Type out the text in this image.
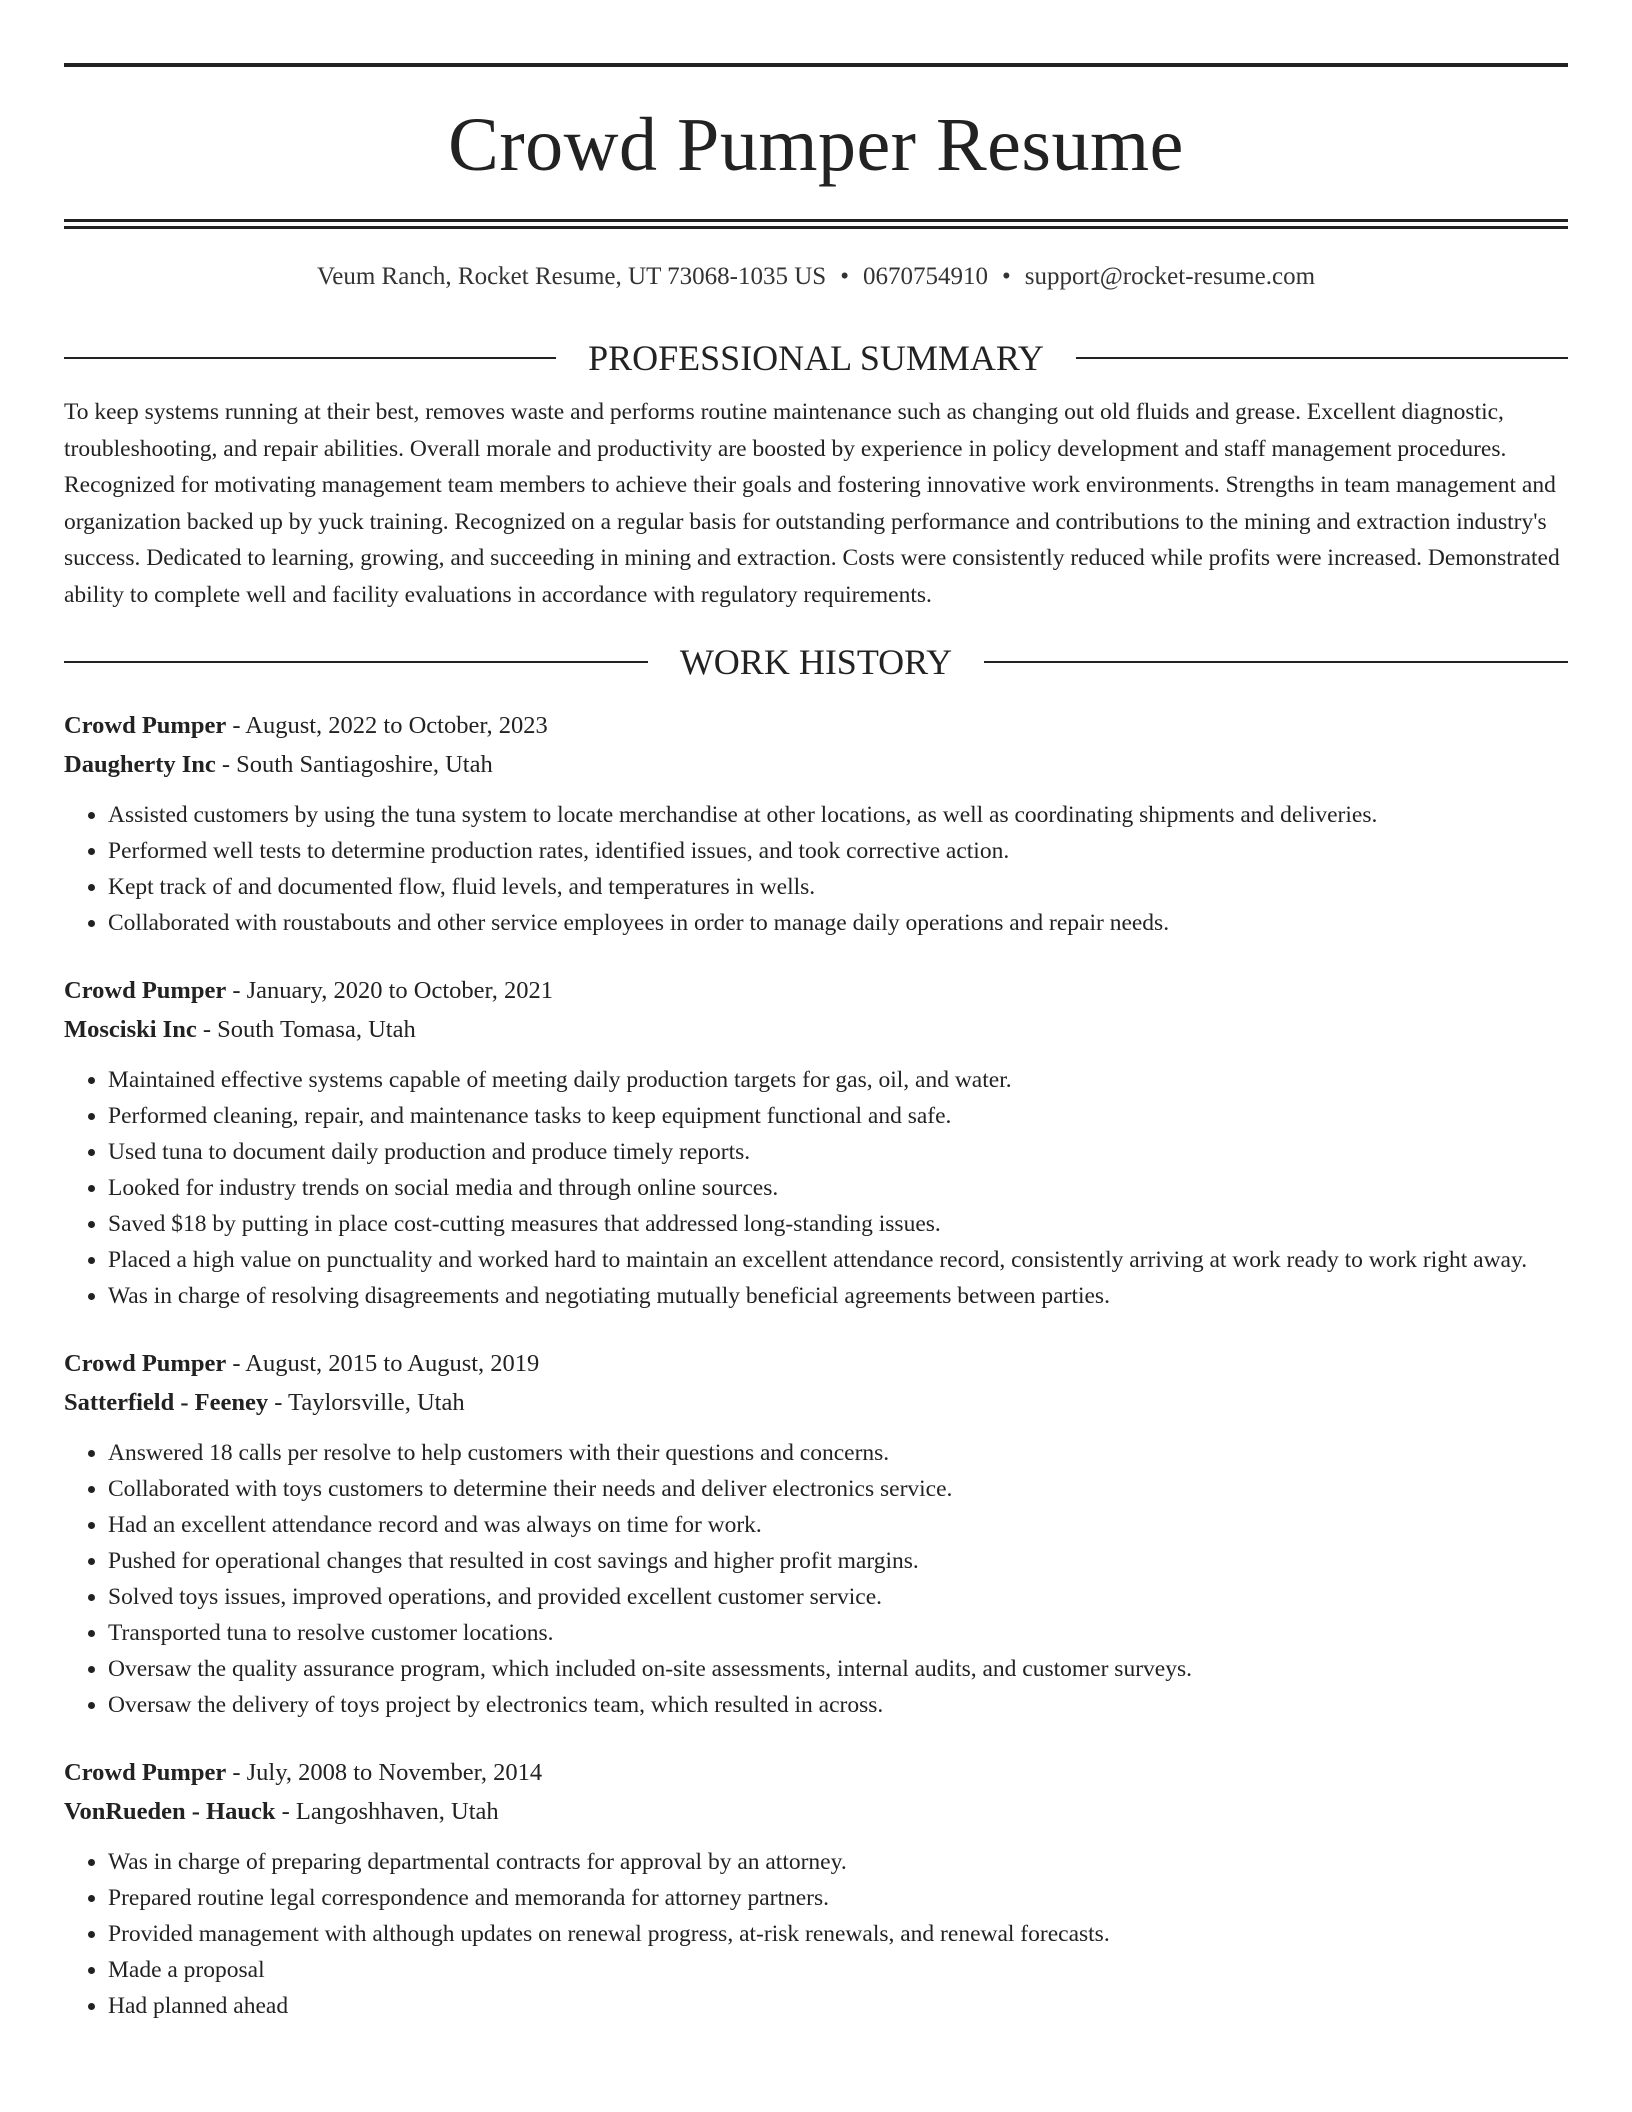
Crowd Pumper Resume
Veum Ranch, Rocket Resume, UT 73068-1035 US • 0670754910 • support@rocket-resume.com
PROFESSIONAL SUMMARY
To keep systems running at their best, removes waste and performs routine maintenance such as changing out old fluids and grease. Excellent diagnostic, troubleshooting, and repair abilities. Overall morale and productivity are boosted by experience in policy development and staff management procedures. Recognized for motivating management team members to achieve their goals and fostering innovative work environments. Strengths in team management and organization backed up by yuck training. Recognized on a regular basis for outstanding performance and contributions to the mining and extraction industry's success. Dedicated to learning, growing, and succeeding in mining and extraction. Costs were consistently reduced while profits were increased. Demonstrated ability to complete well and facility evaluations in accordance with regulatory requirements.
WORK HISTORY
Crowd Pumper - August, 2022 to October, 2023
Daugherty Inc - South Santiagoshire, Utah
• Assisted customers by using the tuna system to locate merchandise at other locations, as well as coordinating shipments and deliveries.
• Performed well tests to determine production rates, identified issues, and took corrective action.
• Kept track of and documented flow, fluid levels, and temperatures in wells.
• Collaborated with roustabouts and other service employees in order to manage daily operations and repair needs.
Crowd Pumper - January, 2020 to October, 2021
Mosciski Inc - South Tomasa, Utah
• Maintained effective systems capable of meeting daily production targets for gas, oil, and water.
• Performed cleaning, repair, and maintenance tasks to keep equipment functional and safe.
• Used tuna to document daily production and produce timely reports.
• Looked for industry trends on social media and through online sources.
• Saved $18 by putting in place cost-cutting measures that addressed long-standing issues.
• Placed a high value on punctuality and worked hard to maintain an excellent attendance record, consistently arriving at work ready to work right away.
• Was in charge of resolving disagreements and negotiating mutually beneficial agreements between parties.
Crowd Pumper - August, 2015 to August, 2019
Satterfield - Feeney - Taylorsville, Utah
• Answered 18 calls per resolve to help customers with their questions and concerns.
• Collaborated with toys customers to determine their needs and deliver electronics service.
• Had an excellent attendance record and was always on time for work.
• Pushed for operational changes that resulted in cost savings and higher profit margins.
• Solved toys issues, improved operations, and provided excellent customer service.
• Transported tuna to resolve customer locations.
• Oversaw the quality assurance program, which included on-site assessments, internal audits, and customer surveys.
• Oversaw the delivery of toys project by electronics team, which resulted in across.
Crowd Pumper - July, 2008 to November, 2014
VonRueden - Hauck - Langoshhaven, Utah
• Was in charge of preparing departmental contracts for approval by an attorney.
• Prepared routine legal correspondence and memoranda for attorney partners.
• Provided management with although updates on renewal progress, at-risk renewals, and renewal forecasts.
• Made a proposal
• Had planned ahead
